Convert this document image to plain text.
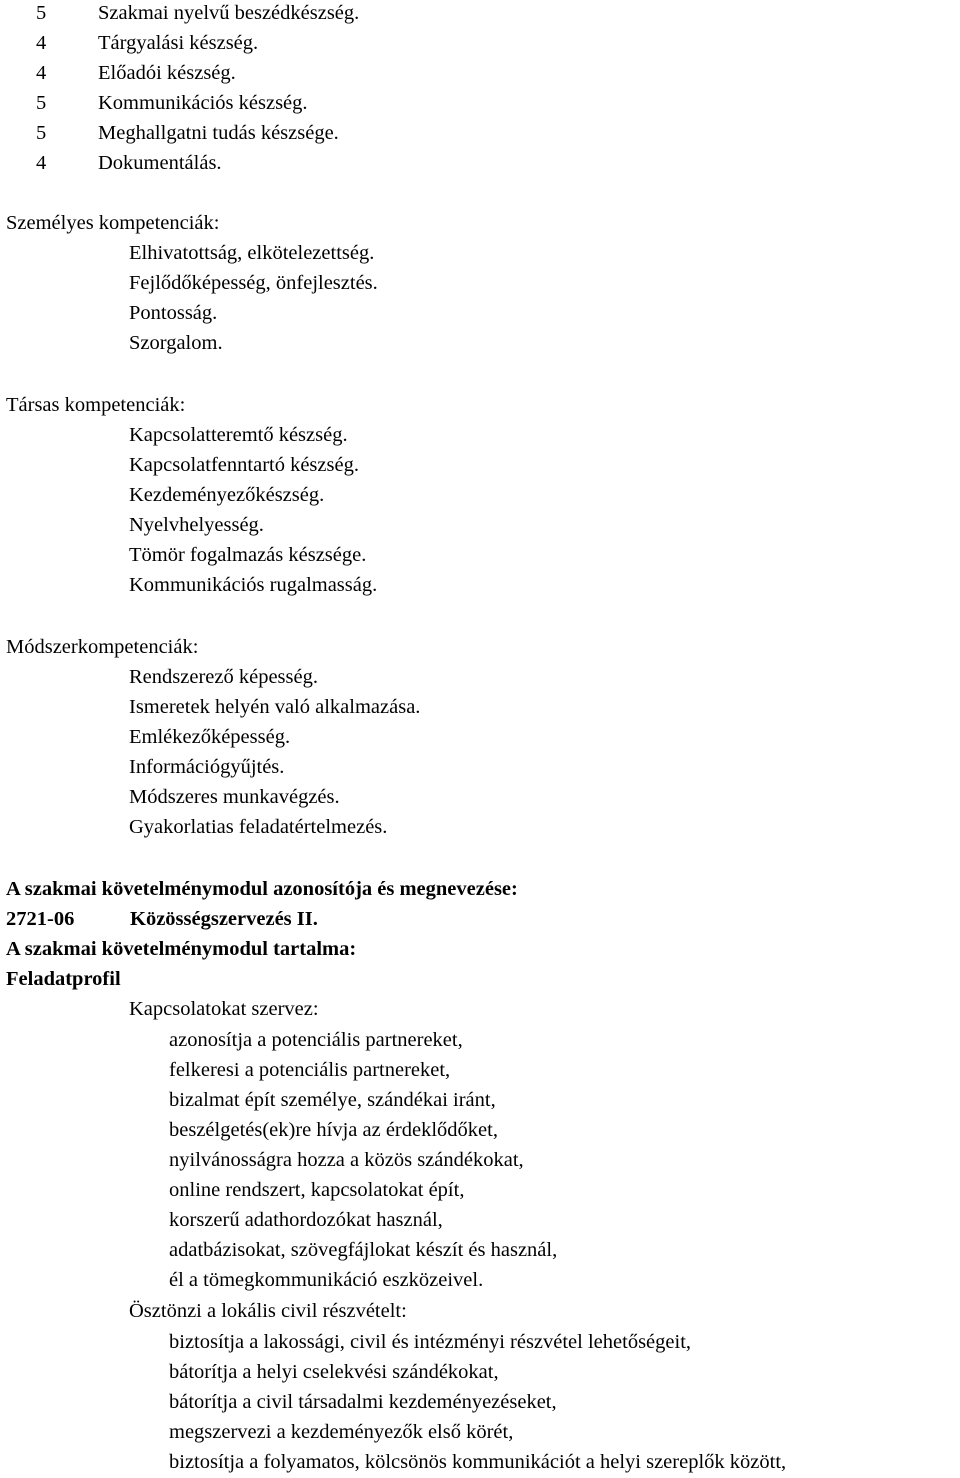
5	Szakmai nyelvű beszédkészség.
4	Tárgyalási készség.
4	Előadói készség.
5	Kommunikációs készség.
5	Meghallgatni tudás készsége.
4	Dokumentálás.
Személyes kompetenciák:
Elhivatottság, elkötelezettség.
Fejlődőképesség, önfejlesztés.
Pontosság.
Szorgalom.
Társas kompetenciák:
Kapcsolatteremtő készség.
Kapcsolatfenntartó készség.
Kezdeményezőkészség.
Nyelvhelyesség.
Tömör fogalmazás készsége.
Kommunikációs rugalmasság.
Módszerkompetenciák:
Rendszerező képesség.
Ismeretek helyén való alkalmazása.
Emlékezőképesség.
Információgyűjtés.
Módszeres munkavégzés.
Gyakorlatias feladatértelmezés.
A szakmai követelménymodul azonosítója és megnevezése:
2721-06	Közösségszervezés II.
A szakmai követelménymodul tartalma:
Feladatprofil
Kapcsolatokat szervez:
azonosítja a potenciális partnereket,
felkeresi a potenciális partnereket,
bizalmat épít személye, szándékai iránt,
beszélgetés(ek)re hívja az érdeklődőket,
nyilvánosságra hozza a közös szándékokat,
online rendszert, kapcsolatokat épít,
korszerű adathordozókat használ,
adatbázisokat, szövegfájlokat készít és használ,
él a tömegkommunikáció eszközeivel.
Ösztönzi a lokális civil részvételt:
biztosítja a lakossági, civil és intézményi részvétel lehetőségeit,
bátorítja a helyi cselekvési szándékokat,
bátorítja a civil társadalmi kezdeményezéseket,
megszervezi a kezdeményezők első körét,
biztosítja a folyamatos, kölcsönös kommunikációt a helyi szereplők között,
